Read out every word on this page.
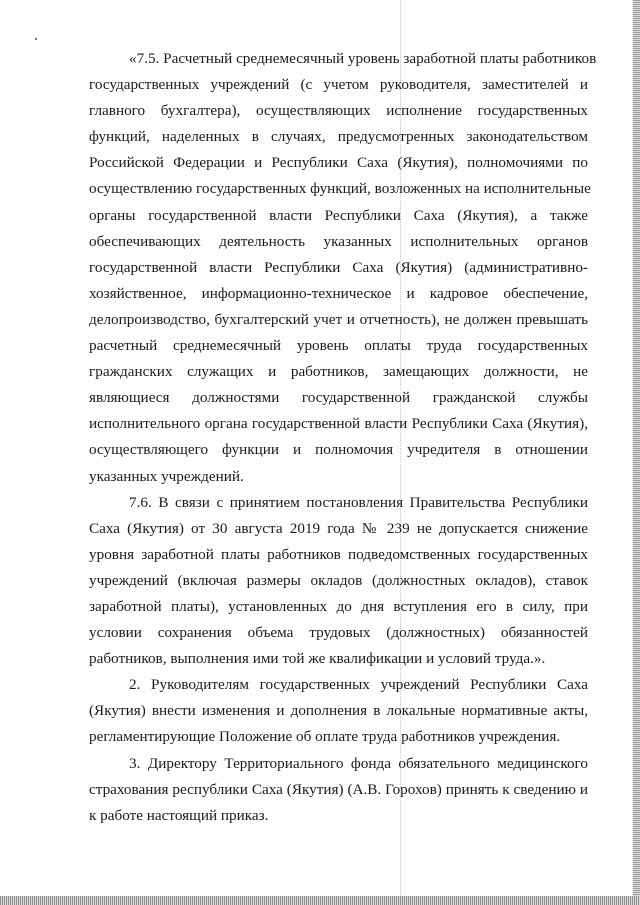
«7.5. Расчетный среднемесячный уровень заработной платы работников
государственных учреждений (с учетом руководителя, заместителей и
главного бухгалтера), осуществляющих исполнение государственных
функций, наделенных в случаях, предусмотренных законодательством
Российской Федерации и Республики Саха (Якутия), полномочиями по
осуществлению государственных функций, возложенных на исполнительные
органы государственной власти Республики Саха (Якутия), а также
обеспечивающих деятельность указанных исполнительных органов
государственной власти Республики Саха (Якутия) (административно-
хозяйственное, информационно-техническое и кадровое обеспечение,
делопроизводство, бухгалтерский учет и отчетность), не должен превышать
расчетный среднемесячный уровень оплаты труда государственных
гражданских служащих и работников, замещающих должности, не
являющиеся должностями государственной гражданской службы
исполнительного органа государственной власти Республики Саха (Якутия),
осуществляющего функции и полномочия учредителя в отношении
указанных учреждений.
7.6. В связи с принятием постановления Правительства Республики
Саха (Якутия) от 30 августа 2019 года № 239 не допускается снижение
уровня заработной платы работников подведомственных государственных
учреждений (включая размеры окладов (должностных окладов), ставок
заработной платы), установленных до дня вступления его в силу, при
условии сохранения объема трудовых (должностных) обязанностей
работников, выполнения ими той же квалификации и условий труда.».
2. Руководителям государственных учреждений Республики Саха
(Якутия) внести изменения и дополнения в локальные нормативные акты,
регламентирующие Положение об оплате труда работников учреждения.
3. Директору Территориального фонда обязательного медицинского
страхования республики Саха (Якутия) (А.В. Горохов) принять к сведению и
к работе настоящий приказ.
